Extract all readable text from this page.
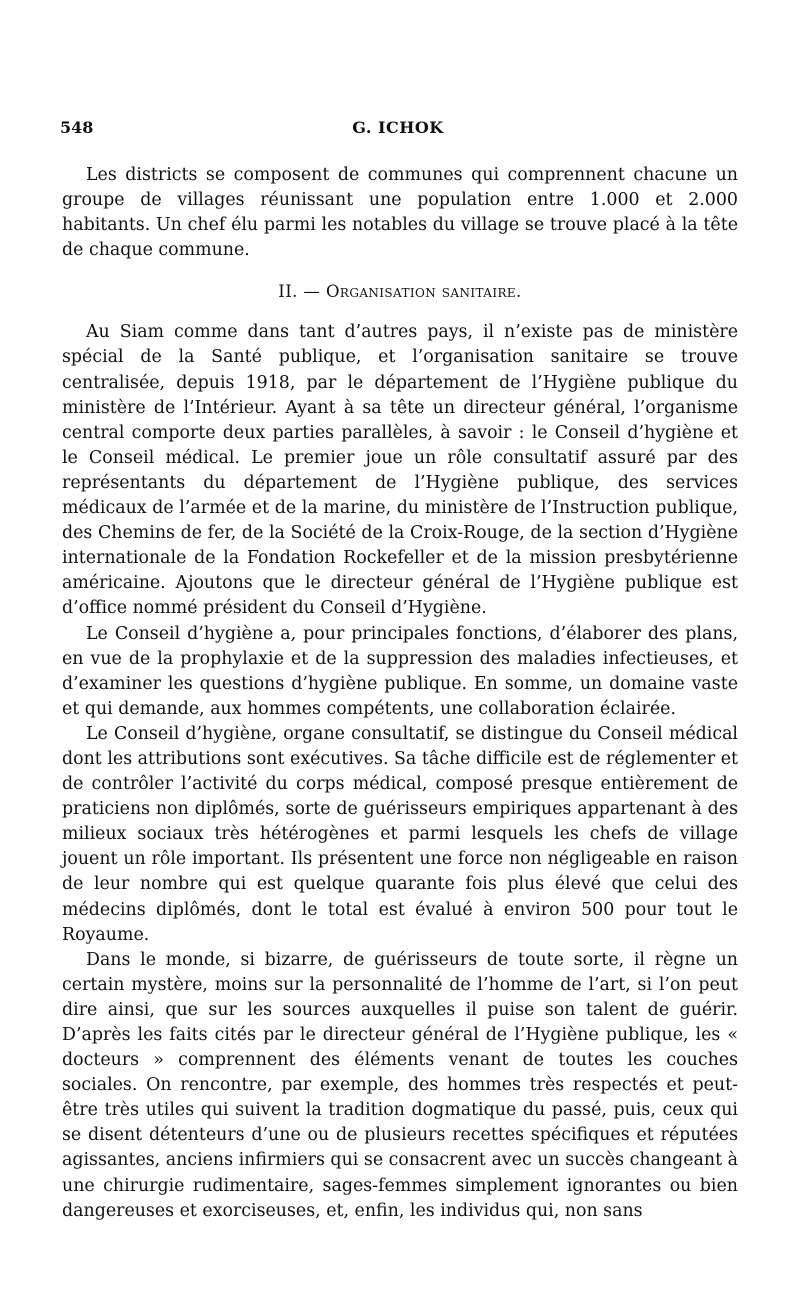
548	G. ICHOK

Les districts se composent de communes qui comprennent chacune un groupe de villages réunissant une population entre 1.000 et 2.000 habitants. Un chef élu parmi les notables du village se trouve placé à la tête de chaque commune.

II. — Organisation sanitaire.

Au Siam comme dans tant d’autres pays, il n’existe pas de ministère spécial de la Santé publique, et l’organisation sanitaire se trouve centralisée, depuis 1918, par le département de l’Hygiène publique du ministère de l’Intérieur. Ayant à sa tête un directeur général, l’organisme central comporte deux parties parallèles, à savoir : le Conseil d’hygiène et le Conseil médical. Le premier joue un rôle consultatif assuré par des représentants du département de l’Hygiène publique, des services médicaux de l’armée et de la marine, du ministère de l’Instruction publique, des Chemins de fer, de la Société de la Croix-Rouge, de la section d’Hygiène internationale de la Fondation Rockefeller et de la mission presbytérienne américaine. Ajoutons que le directeur général de l’Hygiène publique est d’office nommé président du Conseil d’Hygiène.

Le Conseil d’hygiène a, pour principales fonctions, d’élaborer des plans, en vue de la prophylaxie et de la suppression des maladies infectieuses, et d’examiner les questions d’hygiène publique. En somme, un domaine vaste et qui demande, aux hommes compétents, une collaboration éclairée.

Le Conseil d’hygiène, organe consultatif, se distingue du Conseil médical dont les attributions sont exécutives. Sa tâche difficile est de réglementer et de contrôler l’activité du corps médical, composé presque entièrement de praticiens non diplômés, sorte de guérisseurs empiriques appartenant à des milieux sociaux très hétérogènes et parmi lesquels les chefs de village jouent un rôle important. Ils présentent une force non négligeable en raison de leur nombre qui est quelque quarante fois plus élevé que celui des médecins diplômés, dont le total est évalué à environ 500 pour tout le Royaume.

Dans le monde, si bizarre, de guérisseurs de toute sorte, il règne un certain mystère, moins sur la personnalité de l’homme de l’art, si l’on peut dire ainsi, que sur les sources auxquelles il puise son talent de guérir. D’après les faits cités par le directeur général de l’Hygiène publique, les « docteurs » comprennent des éléments venant de toutes les couches sociales. On rencontre, par exemple, des hommes très respectés et peut-être très utiles qui suivent la tradition dogmatique du passé, puis, ceux qui se disent détenteurs d’une ou de plusieurs recettes spécifiques et réputées agissantes, anciens infirmiers qui se consacrent avec un succès changeant à une chirurgie rudimentaire, sages-femmes simplement ignorantes ou bien dangereuses et exorciseuses, et, enfin, les individus qui, non sans
